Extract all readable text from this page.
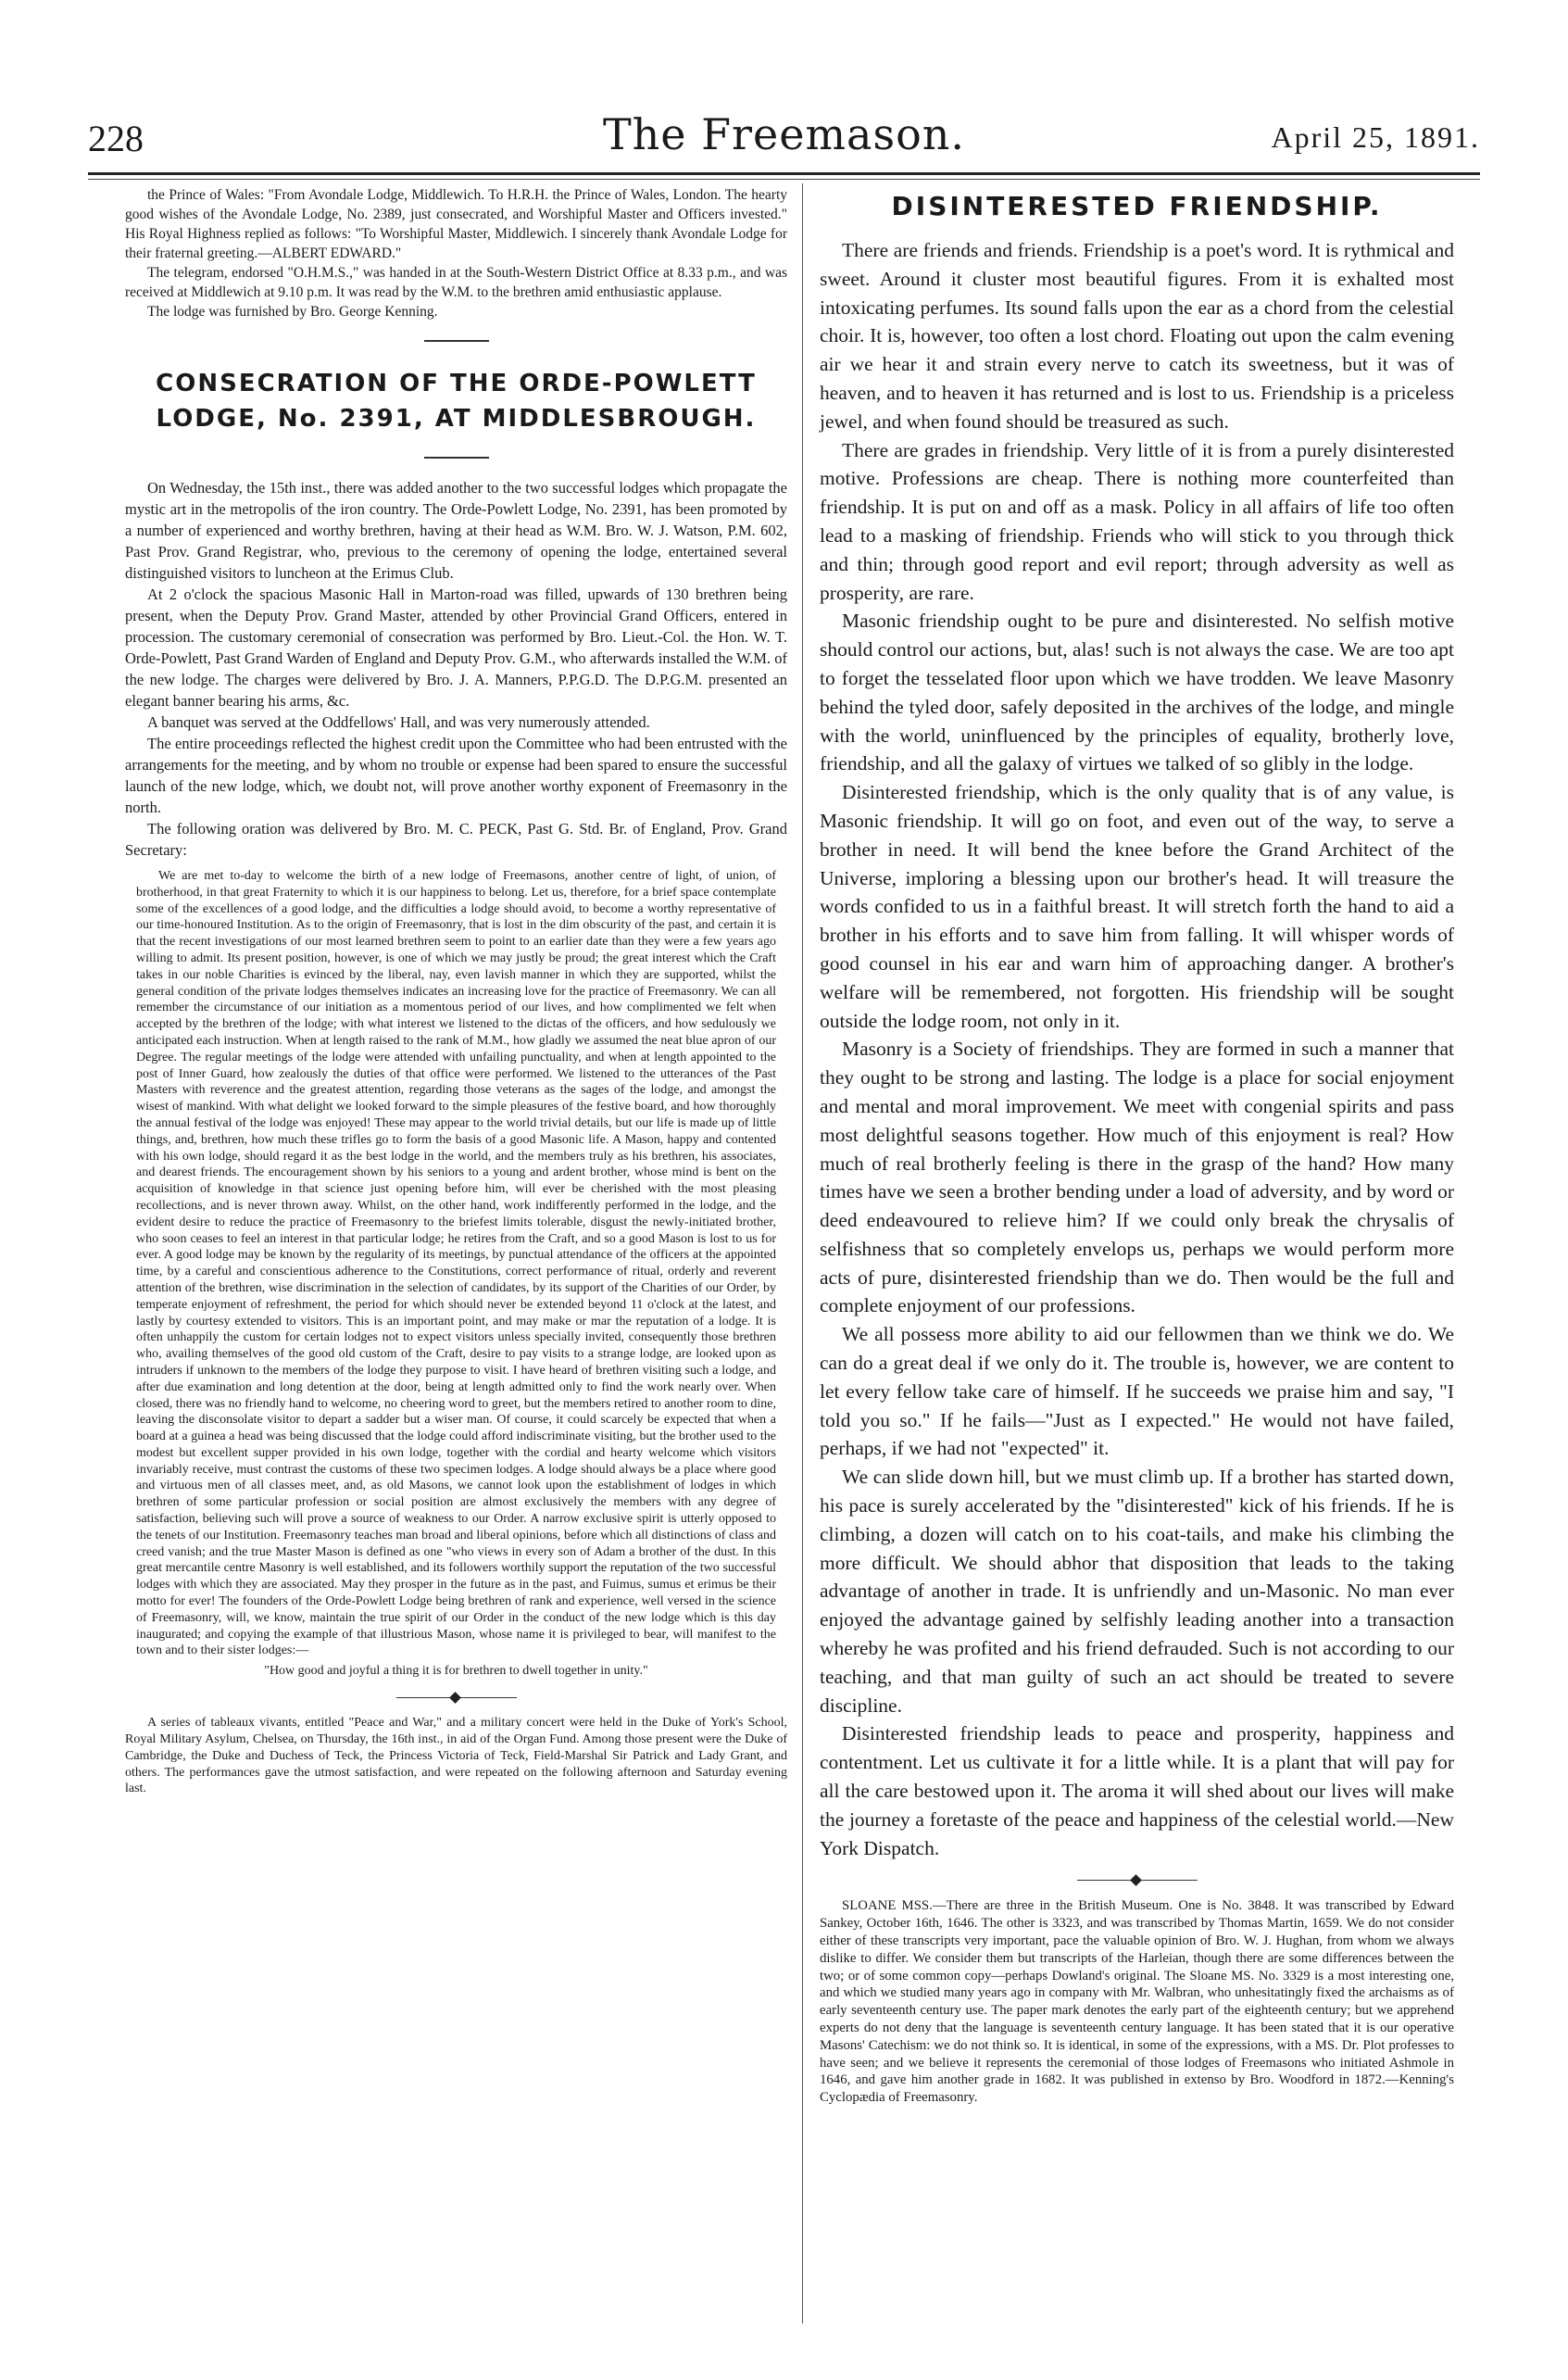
228	The Freemason.	April 25, 1891.

the Prince of Wales: "From Avondale Lodge, Middlewich. To H.R.H. the Prince of Wales, London. The hearty good wishes of the Avondale Lodge, No. 2389, just consecrated, and Worshipful Master and Officers invested." His Royal Highness replied as follows: "To Worshipful Master, Middlewich. I sincerely thank Avondale Lodge for their fraternal greeting.—ALBERT EDWARD."

The telegram, endorsed "O.H.M.S.," was handed in at the South-Western District Office at 8.33 p.m., and was received at Middlewich at 9.10 p.m. It was read by the W.M. to the brethren amid enthusiastic applause.

The lodge was furnished by Bro. George Kenning.

CONSECRATION OF THE ORDE-POWLETT LODGE, No. 2391, AT MIDDLESBROUGH.

On Wednesday, the 15th inst., there was added another to the two successful lodges which propagate the mystic art in the metropolis of the iron country. The Orde-Powlett Lodge, No. 2391, has been promoted by a number of experienced and worthy brethren, having at their head as W.M. Bro. W. J. Watson, P.M. 602, Past Prov. Grand Registrar, who, previous to the ceremony of opening the lodge, entertained several distinguished visitors to luncheon at the Erimus Club.

At 2 o'clock the spacious Masonic Hall in Marton-road was filled, upwards of 130 brethren being present, when the Deputy Prov. Grand Master, attended by other Provincial Grand Officers, entered in procession. The customary ceremonial of consecration was performed by Bro. Lieut.-Col. the Hon. W. T. Orde-Powlett, Past Grand Warden of England and Deputy Prov. G.M., who afterwards installed the W.M. of the new lodge. The charges were delivered by Bro. J. A. Manners, P.P.G.D. The D.P.G.M. presented an elegant banner bearing his arms, &c.

A banquet was served at the Oddfellows' Hall, and was very numerously attended.

The entire proceedings reflected the highest credit upon the Committee who had been entrusted with the arrangements for the meeting, and by whom no trouble or expense had been spared to ensure the successful launch of the new lodge, which, we doubt not, will prove another worthy exponent of Freemasonry in the north.

The following oration was delivered by Bro. M. C. PECK, Past G. Std. Br. of England, Prov. Grand Secretary:

We are met to-day to welcome the birth of a new lodge of Freemasons, another centre of light, of union, of brotherhood, in that great Fraternity to which it is our happiness to belong. Let us, therefore, for a brief space contemplate some of the excellences of a good lodge, and the difficulties a lodge should avoid, to become a worthy representative of our time-honoured Institution. As to the origin of Freemasonry, that is lost in the dim obscurity of the past, and certain it is that the recent investigations of our most learned brethren seem to point to an earlier date than they were a few years ago willing to admit. Its present position, however, is one of which we may justly be proud; the great interest which the Craft takes in our noble Charities is evinced by the liberal, nay, even lavish manner in which they are supported, whilst the general condition of the private lodges themselves indicates an increasing love for the practice of Freemasonry. We can all remember the circumstance of our initiation as a momentous period of our lives, and how complimented we felt when accepted by the brethren of the lodge; with what interest we listened to the dictas of the officers, and how sedulously we anticipated each instruction. When at length raised to the rank of M.M., how gladly we assumed the neat blue apron of our Degree. The regular meetings of the lodge were attended with unfailing punctuality, and when at length appointed to the post of Inner Guard, how zealously the duties of that office were performed. We listened to the utterances of the Past Masters with reverence and the greatest attention, regarding those veterans as the sages of the lodge, and amongst the wisest of mankind. With what delight we looked forward to the simple pleasures of the festive board, and how thoroughly the annual festival of the lodge was enjoyed! These may appear to the world trivial details, but our life is made up of little things, and, brethren, how much these trifles go to form the basis of a good Masonic life. A Mason, happy and contented with his own lodge, should regard it as the best lodge in the world, and the members truly as his brethren, his associates, and dearest friends. The encouragement shown by his seniors to a young and ardent brother, whose mind is bent on the acquisition of knowledge in that science just opening before him, will ever be cherished with the most pleasing recollections, and is never thrown away. Whilst, on the other hand, work indifferently performed in the lodge, and the evident desire to reduce the practice of Freemasonry to the briefest limits tolerable, disgust the newly-initiated brother, who soon ceases to feel an interest in that particular lodge; he retires from the Craft, and so a good Mason is lost to us for ever. A good lodge may be known by the regularity of its meetings, by punctual attendance of the officers at the appointed time, by a careful and conscientious adherence to the Constitutions, correct performance of ritual, orderly and reverent attention of the brethren, wise discrimination in the selection of candidates, by its support of the Charities of our Order, by temperate enjoyment of refreshment, the period for which should never be extended beyond 11 o'clock at the latest, and lastly by courtesy extended to visitors. This is an important point, and may make or mar the reputation of a lodge. It is often unhappily the custom for certain lodges not to expect visitors unless specially invited, consequently those brethren who, availing themselves of the good old custom of the Craft, desire to pay visits to a strange lodge, are looked upon as intruders if unknown to the members of the lodge they purpose to visit. I have heard of brethren visiting such a lodge, and after due examination and long detention at the door, being at length admitted only to find the work nearly over. When closed, there was no friendly hand to welcome, no cheering word to greet, but the members retired to another room to dine, leaving the disconsolate visitor to depart a sadder but a wiser man. Of course, it could scarcely be expected that when a board at a guinea a head was being discussed that the lodge could afford indiscriminate visiting, but the brother used to the modest but excellent supper provided in his own lodge, together with the cordial and hearty welcome which visitors invariably receive, must contrast the customs of these two specimen lodges. A lodge should always be a place where good and virtuous men of all classes meet, and, as old Masons, we cannot look upon the establishment of lodges in which brethren of some particular profession or social position are almost exclusively the members with any degree of satisfaction, believing such will prove a source of weakness to our Order. A narrow exclusive spirit is utterly opposed to the tenets of our Institution. Freemasonry teaches man broad and liberal opinions, before which all distinctions of class and creed vanish; and the true Master Mason is defined as one "who views in every son of Adam a brother of the dust. In this great mercantile centre Masonry is well established, and its followers worthily support the reputation of the two successful lodges with which they are associated. May they prosper in the future as in the past, and Fuimus, sumus et erimus be their motto for ever! The founders of the Orde-Powlett Lodge being brethren of rank and experience, well versed in the science of Freemasonry, will, we know, maintain the true spirit of our Order in the conduct of the new lodge which is this day inaugurated; and copying the example of that illustrious Mason, whose name it is privileged to bear, will manifest to the town and to their sister lodges:—

"How good and joyful a thing it is for brethren to dwell together in unity."

A series of tableaux vivants, entitled "Peace and War," and a military concert were held in the Duke of York's School, Royal Military Asylum, Chelsea, on Thursday, the 16th inst., in aid of the Organ Fund. Among those present were the Duke of Cambridge, the Duke and Duchess of Teck, the Princess Victoria of Teck, Field-Marshal Sir Patrick and Lady Grant, and others. The performances gave the utmost satisfaction, and were repeated on the following afternoon and Saturday evening last.

DISINTERESTED FRIENDSHIP.

There are friends and friends. Friendship is a poet's word. It is rythmical and sweet. Around it cluster most beautiful figures. From it is exhalted most intoxicating perfumes. Its sound falls upon the ear as a chord from the celestial choir. It is, however, too often a lost chord. Floating out upon the calm evening air we hear it and strain every nerve to catch its sweetness, but it was of heaven, and to heaven it has returned and is lost to us. Friendship is a priceless jewel, and when found should be treasured as such.

There are grades in friendship. Very little of it is from a purely disinterested motive. Professions are cheap. There is nothing more counterfeited than friendship. It is put on and off as a mask. Policy in all affairs of life too often lead to a masking of friendship. Friends who will stick to you through thick and thin; through good report and evil report; through adversity as well as prosperity, are rare.

Masonic friendship ought to be pure and disinterested. No selfish motive should control our actions, but, alas! such is not always the case. We are too apt to forget the tesselated floor upon which we have trodden. We leave Masonry behind the tyled door, safely deposited in the archives of the lodge, and mingle with the world, uninfluenced by the principles of equality, brotherly love, friendship, and all the galaxy of virtues we talked of so glibly in the lodge.

Disinterested friendship, which is the only quality that is of any value, is Masonic friendship. It will go on foot, and even out of the way, to serve a brother in need. It will bend the knee before the Grand Architect of the Universe, imploring a blessing upon our brother's head. It will treasure the words confided to us in a faithful breast. It will stretch forth the hand to aid a brother in his efforts and to save him from falling. It will whisper words of good counsel in his ear and warn him of approaching danger. A brother's welfare will be remembered, not forgotten. His friendship will be sought outside the lodge room, not only in it.

Masonry is a Society of friendships. They are formed in such a manner that they ought to be strong and lasting. The lodge is a place for social enjoyment and mental and moral improvement. We meet with congenial spirits and pass most delightful seasons together. How much of this enjoyment is real? How much of real brotherly feeling is there in the grasp of the hand? How many times have we seen a brother bending under a load of adversity, and by word or deed endeavoured to relieve him? If we could only break the chrysalis of selfishness that so completely envelops us, perhaps we would perform more acts of pure, disinterested friendship than we do. Then would be the full and complete enjoyment of our professions.

We all possess more ability to aid our fellowmen than we think we do. We can do a great deal if we only do it. The trouble is, however, we are content to let every fellow take care of himself. If he succeeds we praise him and say, "I told you so." If he fails—"Just as I expected." He would not have failed, perhaps, if we had not "expected" it.

We can slide down hill, but we must climb up. If a brother has started down, his pace is surely accelerated by the "disinterested" kick of his friends. If he is climbing, a dozen will catch on to his coat-tails, and make his climbing the more difficult. We should abhor that disposition that leads to the taking advantage of another in trade. It is unfriendly and un-Masonic. No man ever enjoyed the advantage gained by selfishly leading another into a transaction whereby he was profited and his friend defrauded. Such is not according to our teaching, and that man guilty of such an act should be treated to severe discipline.

Disinterested friendship leads to peace and prosperity, happiness and contentment. Let us cultivate it for a little while. It is a plant that will pay for all the care bestowed upon it. The aroma it will shed about our lives will make the journey a foretaste of the peace and happiness of the celestial world.—New York Dispatch.

SLOANE MSS.—There are three in the British Museum. One is No. 3848. It was transcribed by Edward Sankey, October 16th, 1646. The other is 3323, and was transcribed by Thomas Martin, 1659. We do not consider either of these transcripts very important, pace the valuable opinion of Bro. W. J. Hughan, from whom we always dislike to differ. We consider them but transcripts of the Harleian, though there are some differences between the two; or of some common copy—perhaps Dowland's original. The Sloane MS. No. 3329 is a most interesting one, and which we studied many years ago in company with Mr. Walbran, who unhesitatingly fixed the archaisms as of early seventeenth century use. The paper mark denotes the early part of the eighteenth century; but we apprehend experts do not deny that the language is seventeenth century language. It has been stated that it is our operative Masons' Catechism: we do not think so. It is identical, in some of the expressions, with a MS. Dr. Plot professes to have seen; and we believe it represents the ceremonial of those lodges of Freemasons who initiated Ashmole in 1646, and gave him another grade in 1682. It was published in extenso by Bro. Woodford in 1872.—Kenning's Cyclopædia of Freemasonry.
